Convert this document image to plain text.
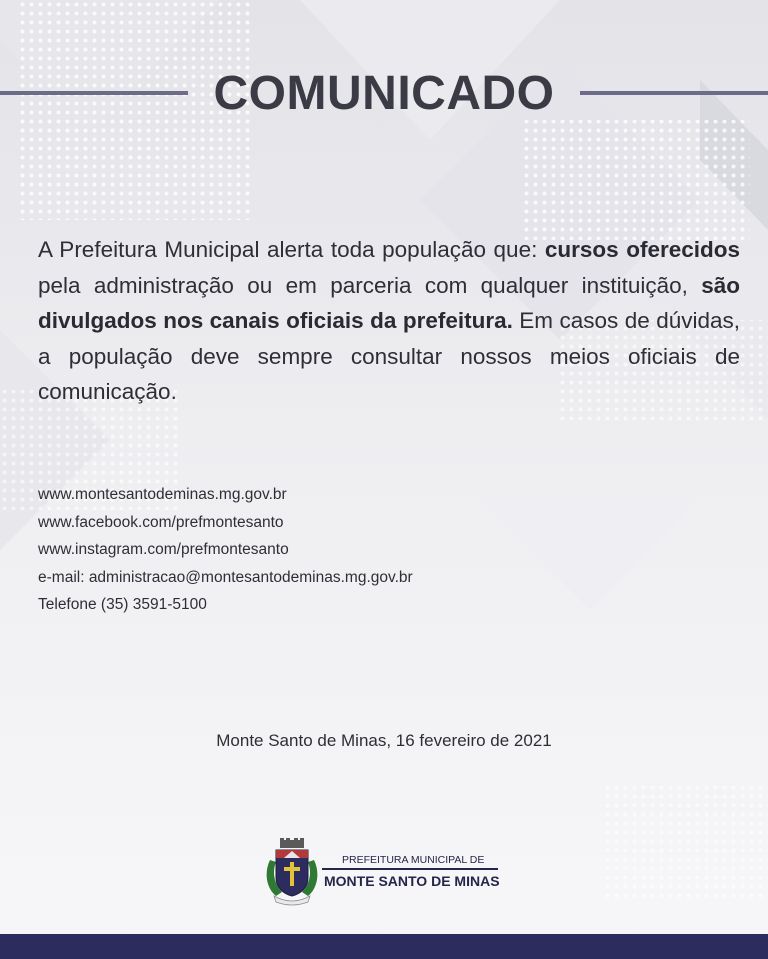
COMUNICADO
A Prefeitura Municipal alerta toda população que: cursos oferecidos pela administração ou em parceria com qualquer instituição, são divulgados nos canais oficiais da prefeitura. Em casos de dúvidas, a população deve sempre consultar nossos meios oficiais de comunicação.
www.montesantodeminas.mg.gov.br
www.facebook.com/prefmontesanto
www.instagram.com/prefmontesanto
e-mail: administracao@montesantodeminas.mg.gov.br
Telefone (35) 3591-5100
Monte Santo de Minas, 16 fevereiro de 2021
PREFEITURA MUNICIPAL DE
MONTE SANTO DE MINAS
